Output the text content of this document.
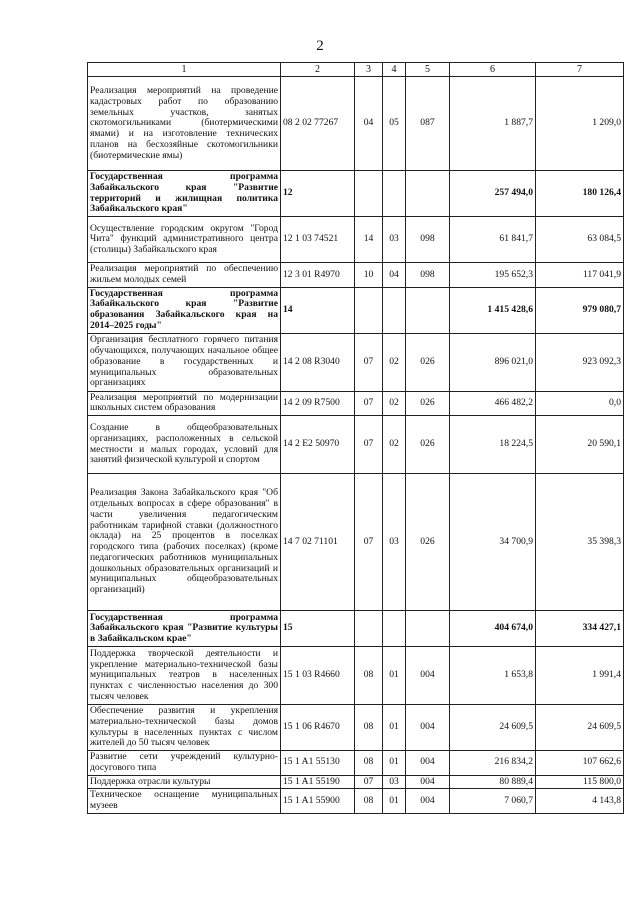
2
1	2	3	4	5	6	7
Реализация мероприятий на проведение кадастровых работ по образованию земельных участков, занятых скотомогильниками (биотермическими ямами) и на изготовление технических планов на бесхозяйные скотомогильники (биотермические ямы)	08 2 02 77267	04	05	087	1 887,7	1 209,0
Государственная программа Забайкальского края "Развитие территорий и жилищная политика Забайкальского края"	12				257 494,0	180 126,4
Осуществление городским округом "Город Чита" функций административного центра (столицы) Забайкальского края	12 1 03 74521	14	03	098	61 841,7	63 084,5
Реализация мероприятий по обеспечению жильем молодых семей	12 3 01 R4970	10	04	098	195 652,3	117 041,9
Государственная программа Забайкальского края "Развитие образования Забайкальского края на 2014–2025 годы"	14				1 415 428,6	979 080,7
Организация бесплатного горячего питания обучающихся, получающих начальное общее образование в государственных и муниципальных образовательных организациях	14 2 08 R3040	07	02	026	896 021,0	923 092,3
Реализация мероприятий по модернизации школьных систем образования	14 2 09 R7500	07	02	026	466 482,2	0,0
Создание в общеобразовательных организациях, расположенных в сельской местности и малых городах, условий для занятий физической культурой и спортом	14 2 E2 50970	07	02	026	18 224,5	20 590,1
Реализация Закона Забайкальского края "Об отдельных вопросах в сфере образования" в части увеличения педагогическим работникам тарифной ставки (должностного оклада) на 25 процентов в поселках городского типа (рабочих поселках) (кроме педагогических работников муниципальных дошкольных образовательных организаций и муниципальных общеобразовательных организаций)	14 7 02 71101	07	03	026	34 700,9	35 398,3
Государственная программа Забайкальского края "Развитие культуры в Забайкальском крае"	15				404 674,0	334 427,1
Поддержка творческой деятельности и укрепление материально-технической базы муниципальных театров в населенных пунктах с численностью населения до 300 тысяч человек	15 1 03 R4660	08	01	004	1 653,8	1 991,4
Обеспечение развития и укрепления материально-технической базы домов культуры в населенных пунктах с числом жителей до 50 тысяч человек	15 1 06 R4670	08	01	004	24 609,5	24 609,5
Развитие сети учреждений культурно-досугового типа	15 1 A1 55130	08	01	004	216 834,2	107 662,6
Поддержка отрасли культуры	15 1 A1 55190	07	03	004	80 889,4	115 800,0
Техническое оснащение муниципальных музеев	15 1 A1 55900	08	01	004	7 060,7	4 143,8
